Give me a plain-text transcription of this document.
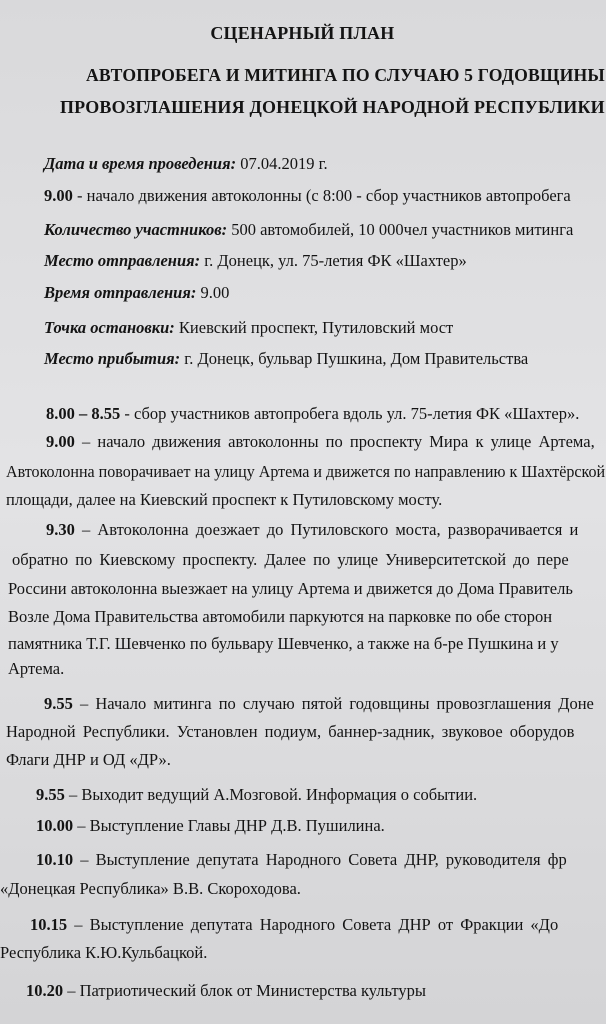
СЦЕНАРНЫЙ ПЛАН
АВТОПРОБЕГА И МИТИНГА ПО СЛУЧАЮ 5 ГОДОВЩИНЫ
ПРОВОЗГЛАШЕНИЯ ДОНЕЦКОЙ НАРОДНОЙ РЕСПУБЛИКИ
Дата и время проведения: 07.04.2019 г.
9.00 - начало движения автоколонны (с 8:00 - сбор участников автопробега
Количество участников: 500 автомобилей, 10 000чел участников митинга
Место отправления: г. Донецк, ул. 75-летия ФК «Шахтер»
Время отправления: 9.00
Точка остановки: Киевский проспект, Путиловский мост
Место прибытия: г. Донецк, бульвар Пушкина, Дом Правительства
8.00 – 8.55 - сбор участников автопробега вдоль ул. 75-летия ФК «Шахтер».
9.00 – начало движения автоколонны по проспекту Мира к улице Артема,
Автоколонна поворачивает на улицу Артема и движется по направлению к Шахтёрской
площади, далее на Киевский проспект к Путиловскому мосту.
9.30 – Автоколонна доезжает до Путиловского моста, разворачивается и
обратно по Киевскому проспекту. Далее по улице Университетской до пере
Россини автоколонна выезжает на улицу Артема и движется до Дома Правитель
Возле Дома Правительства автомобили паркуются на парковке по обе сторон
памятника Т.Г. Шевченко по бульвару Шевченко, а также на б-ре Пушкина и у
Артема.
9.55 – Начало митинга по случаю пятой годовщины провозглашения Доне
Народной Республики. Установлен подиум, баннер-задник, звуковое оборудов
Флаги ДНР и ОД «ДР».
9.55 – Выходит ведущий А.Мозговой. Информация о событии.
10.00 – Выступление Главы ДНР Д.В. Пушилина.
10.10 – Выступление депутата Народного Совета ДНР, руководителя фр
«Донецкая Республика» В.В. Скороходова.
10.15 – Выступление депутата Народного Совета ДНР от Фракции «До
Республика К.Ю.Кульбацкой.
10.20 – Патриотический блок от Министерства культуры
